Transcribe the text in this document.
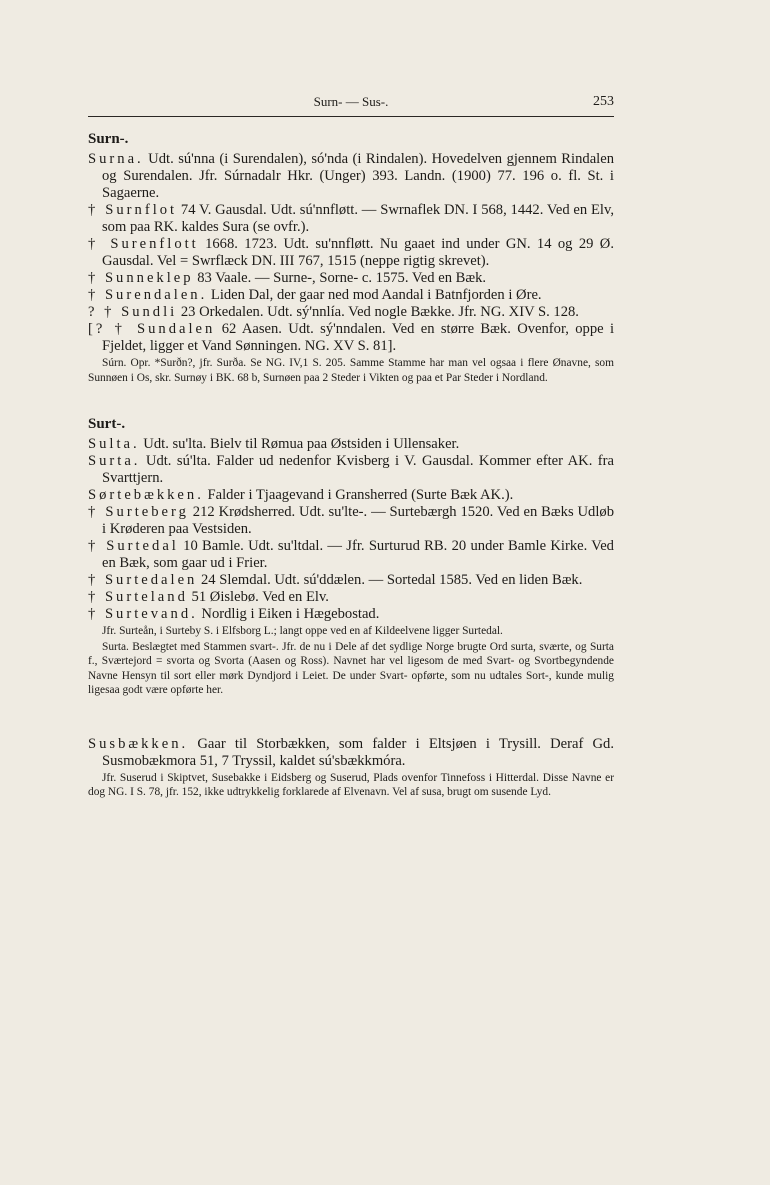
Surn- — Sus-.	253
Surn-.

Surna. Udt. sú'nna (i Surendalen), só'nda (i Rindalen). Hovedelven gjennem Rindalen og Surendalen. Jfr. Súrnadalr Hkr. (Unger) 393. Landn. (1900) 77. 196 o. fl. St. i Sagaerne.

† Surnflot 74 V. Gausdal. Udt. sú'nnfløtt. — Swrnaflek DN. I 568, 1442. Ved en Elv, som paa RK. kaldes Sura (se ovfr.).

† Surenflott 1668. 1723. Udt. su'nnfløtt. Nu gaaet ind under GN. 14 og 29 Ø. Gausdal. Vel = Swrflæck DN. III 767, 1515 (neppe rigtig skrevet).

† Sunneklep 83 Vaale. — Surne-, Sorne- c. 1575. Ved en Bæk.

† Surendalen. Liden Dal, der gaar ned mod Aandal i Batnfjorden i Øre.

? † Sundli 23 Orkedalen. Udt. sý'nnlía. Ved nogle Bække. Jfr. NG. XIV S. 128.

[? † Sundalen 62 Aasen. Udt. sý'nndalen. Ved en større Bæk. Ovenfor, oppe i Fjeldet, ligger et Vand Sønningen. NG. XV S. 81].

Súrn. Opr. *Surðn?, jfr. Surða. Se NG. IV,1 S. 205. Samme Stamme har man vel ogsaa i flere Ønavne, som Sunnøen i Os, skr. Surnøy i BK. 68 b, Surnøen paa 2 Steder i Vikten og paa et Par Steder i Nordland.

Surt-.

Sulta. Udt. su'lta. Bielv til Rømua paa Østsiden i Ullensaker.

Surta. Udt. sú'lta. Falder ud nedenfor Kvisberg i V. Gausdal. Kommer efter AK. fra Svarttjern.

Sørtebækken. Falder i Tjaagevand i Gransherred (Surte Bæk AK.).

† Surteberg 212 Krødsherred. Udt. su'lte-. — Surtebærgh 1520. Ved en Bæks Udløb i Krøderen paa Vestsiden.

† Surtedal 10 Bamle. Udt. su'ltdal. — Jfr. Surturud RB. 20 under Bamle Kirke. Ved en Bæk, som gaar ud i Frier.

† Surtedalen 24 Slemdal. Udt. sú'ddælen. — Sortedal 1585. Ved en liden Bæk.

† Surteland 51 Øislebø. Ved en Elv.

† Surtevand. Nordlig i Eiken i Hægebostad.

Jfr. Surteån, i Surteby S. i Elfsborg L.; langt oppe ved en af Kildeelvene ligger Surtedal.

Surta. Beslægtet med Stammen svart-. Jfr. de nu i Dele af det sydlige Norge brugte Ord surta, sværte, og Surta f., Sværtejord = svorta og Svorta (Aasen og Ross). Navnet har vel ligesom de med Svart- og Svortbegyndende Navne Hensyn til sort eller mørk Dyndjord i Leiet. De under Svart- opførte, som nu udtales Sort-, kunde mulig ligesaa godt være opførte her.

Susbækken. Gaar til Storbækken, som falder i Eltsjøen i Trysill. Deraf Gd. Susmobækmora 51, 7 Tryssil, kaldet sú'sbækkmóra.

Jfr. Suserud i Skiptvet, Susebakke i Eidsberg og Suserud, Plads ovenfor Tinnefoss i Hitterdal. Disse Navne er dog NG. I S. 78, jfr. 152, ikke udtrykkelig forklarede af Elvenavn. Vel af susa, brugt om susende Lyd.
